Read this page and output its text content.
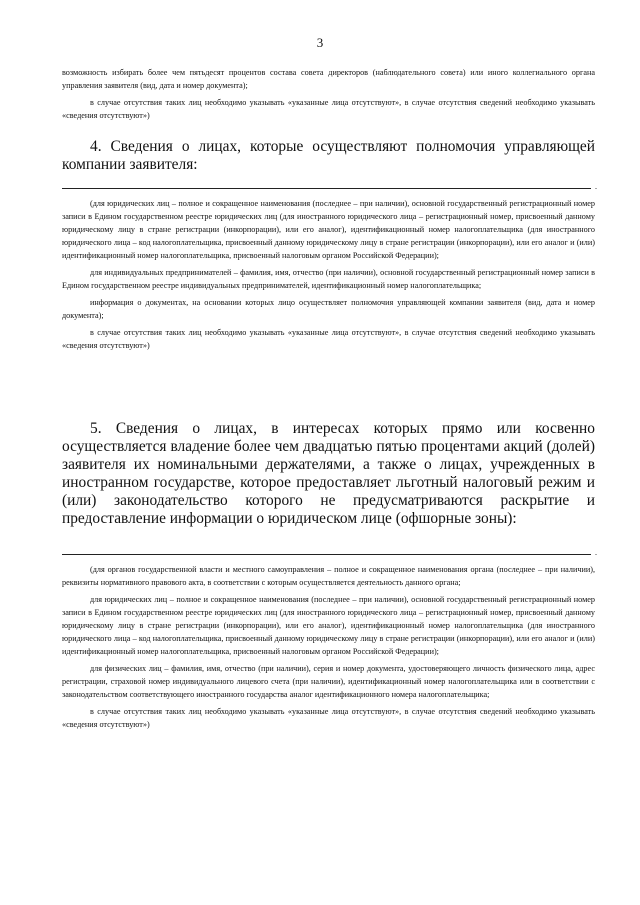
3

возможность избирать более чем пятьдесят процентов состава совета директоров (наблюдательного совета) или иного коллегиального органа управления заявителя (вид, дата и номер документа);

в случае отсутствия таких лиц необходимо указывать «указанные лица отсутствуют», в случае отсутствия сведений необходимо указывать «сведения отсутствуют»)

4. Сведения о лицах, которые осуществляют полномочия управляющей компании заявителя:

.

(для юридических лиц – полное и сокращенное наименования (последнее – при наличии), основной государственный регистрационный номер записи в Едином государственном реестре юридических лиц (для иностранного юридического лица – регистрационный номер, присвоенный данному юридическому лицу в стране регистрации (инкорпорации), или его аналог), идентификационный номер налогоплательщика (для иностранного юридического лица – код налогоплательщика, присвоенный данному юридическому лицу в стране регистрации (инкорпорации), или его аналог и (или) идентификационный номер налогоплательщика, присвоенный налоговым органом Российской Федерации);

для индивидуальных предпринимателей – фамилия, имя, отчество (при наличии), основной государственный регистрационный номер записи в Едином государственном реестре индивидуальных предпринимателей, идентификационный номер налогоплательщика;

информация о документах, на основании которых лицо осуществляет полномочия управляющей компании заявителя (вид, дата и номер документа);

в случае отсутствия таких лиц необходимо указывать «указанные лица отсутствуют», в случае отсутствия сведений необходимо указывать «сведения отсутствуют»)

5. Сведения о лицах, в интересах которых прямо или косвенно осуществляется владение более чем двадцатью пятью процентами акций (долей) заявителя их номинальными держателями, а также о лицах, учрежденных в иностранном государстве, которое предоставляет льготный налоговый режим и (или) законодательство которого не предусматриваются раскрытие и предоставление информации о юридическом лице (офшорные зоны):

.

(для органов государственной власти и местного самоуправления – полное и сокращенное наименования органа (последнее – при наличии), реквизиты нормативного правового акта, в соответствии с которым осуществляется деятельность данного органа;

для юридических лиц – полное и сокращенное наименования (последнее – при наличии), основной государственный регистрационный номер записи в Едином государственном реестре юридических лиц (для иностранного юридического лица – регистрационный номер, присвоенный данному юридическому лицу в стране регистрации (инкорпорации), или его аналог), идентификационный номер налогоплательщика (для иностранного юридического лица – код налогоплательщика, присвоенный данному юридическому лицу в стране регистрации (инкорпорации), или его аналог и (или) идентификационный номер налогоплательщика, присвоенный налоговым органом Российской Федерации);

для физических лиц – фамилия, имя, отчество (при наличии), серия и номер документа, удостоверяющего личность физического лица, адрес регистрации, страховой номер индивидуального лицевого счета (при наличии), идентификационный номер налогоплательщика или в соответствии с законодательством соответствующего иностранного государства аналог идентификационного номера налогоплательщика;

в случае отсутствия таких лиц необходимо указывать «указанные лица отсутствуют», в случае отсутствия сведений необходимо указывать «сведения отсутствуют»)
